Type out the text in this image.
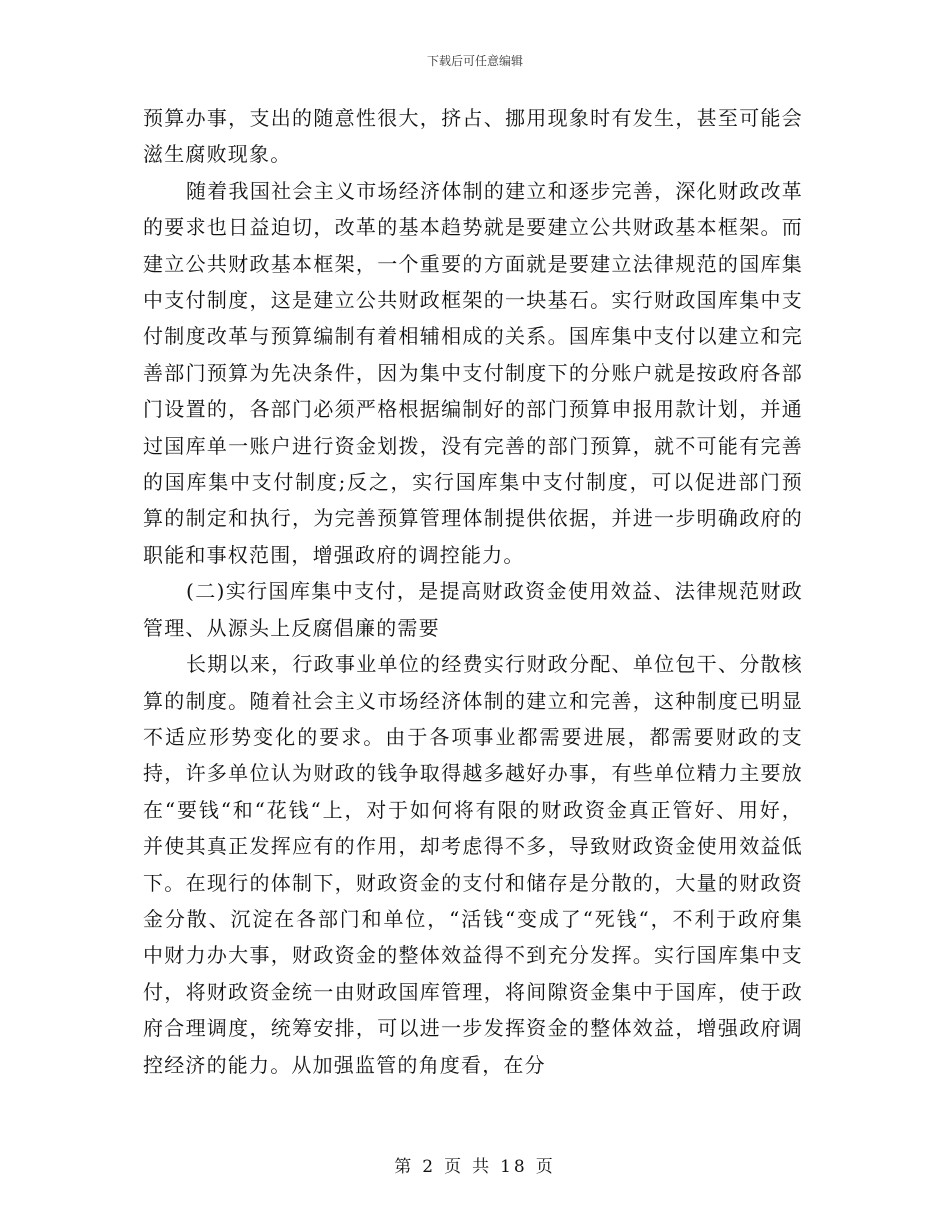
下载后可任意编辑

预算办事，支出的随意性很大，挤占、挪用现象时有发生，甚至可能会滋生腐败现象。

随着我国社会主义市场经济体制的建立和逐步完善，深化财政改革的要求也日益迫切，改革的基本趋势就是要建立公共财政基本框架。而建立公共财政基本框架，一个重要的方面就是要建立法律规范的国库集中支付制度，这是建立公共财政框架的一块基石。实行财政国库集中支付制度改革与预算编制有着相辅相成的关系。国库集中支付以建立和完善部门预算为先决条件，因为集中支付制度下的分账户就是按政府各部门设置的，各部门必须严格根据编制好的部门预算申报用款计划，并通过国库单一账户进行资金划拨，没有完善的部门预算，就不可能有完善的国库集中支付制度;反之，实行国库集中支付制度，可以促进部门预算的制定和执行，为完善预算管理体制提供依据，并进一步明确政府的职能和事权范围，增强政府的调控能力。

(二)实行国库集中支付，是提高财政资金使用效益、法律规范财政管理、从源头上反腐倡廉的需要

长期以来，行政事业单位的经费实行财政分配、单位包干、分散核算的制度。随着社会主义市场经济体制的建立和完善，这种制度已明显不适应形势变化的要求。由于各项事业都需要进展，都需要财政的支持，许多单位认为财政的钱争取得越多越好办事，有些单位精力主要放在“要钱“和“花钱“上，对于如何将有限的财政资金真正管好、用好，并使其真正发挥应有的作用，却考虑得不多，导致财政资金使用效益低下。在现行的体制下，财政资金的支付和储存是分散的，大量的财政资金分散、沉淀在各部门和单位，“活钱“变成了“死钱“，不利于政府集中财力办大事，财政资金的整体效益得不到充分发挥。实行国库集中支付，将财政资金统一由财政国库管理，将间隙资金集中于国库，使于政府合理调度，统筹安排，可以进一步发挥资金的整体效益，增强政府调控经济的能力。从加强监管的角度看，在分

第 2 页 共 18 页
